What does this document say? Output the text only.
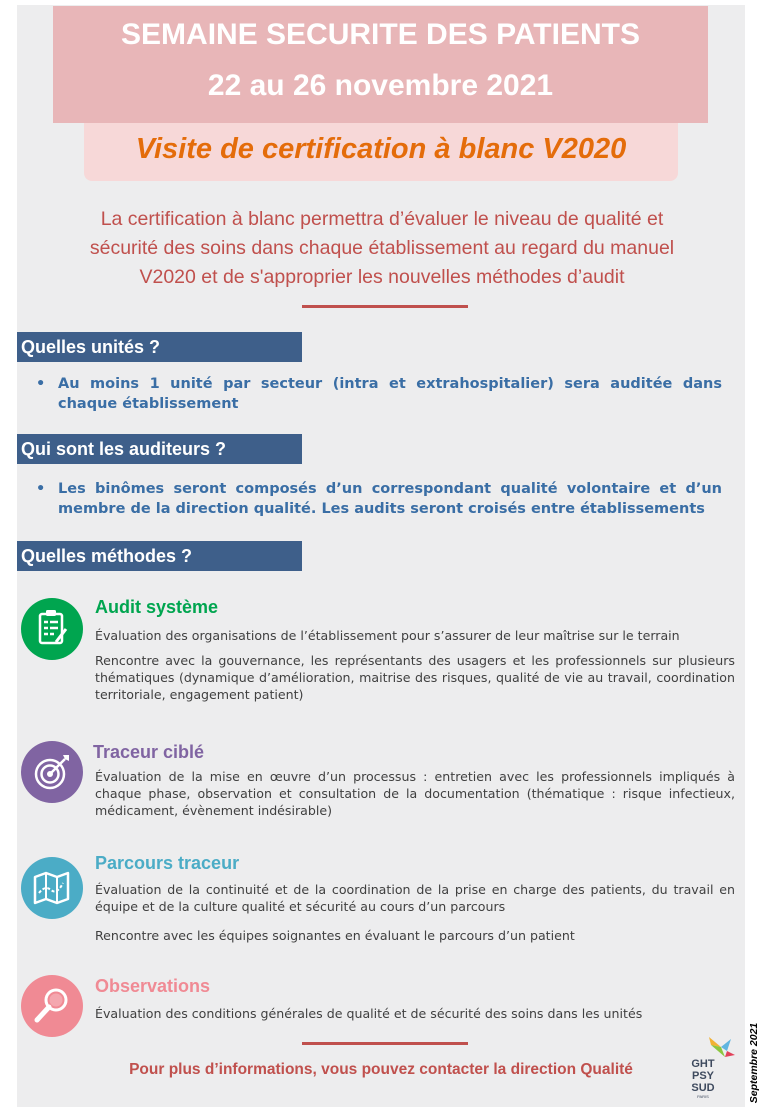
SEMAINE SECURITE DES PATIENTS
22 au 26 novembre 2021
Visite de certification à blanc V2020
La certification à blanc permettra d’évaluer le niveau de qualité et
sécurité des soins dans chaque établissement au regard du manuel
V2020 et de s'approprier les nouvelles méthodes d’audit
Quelles unités ?
• Au moins 1 unité par secteur (intra et extrahospitalier) sera auditée dans chaque établissement
Qui sont les auditeurs ?
• Les binômes seront composés d’un correspondant qualité volontaire et d’un membre de la direction qualité. Les audits seront croisés entre établissements
Quelles méthodes ?
Audit système
Évaluation des organisations de l’établissement pour s’assurer de leur maîtrise sur le terrain
Rencontre avec la gouvernance, les représentants des usagers et les professionnels sur plusieurs thématiques (dynamique d’amélioration, maitrise des risques, qualité de vie au travail, coordination territoriale, engagement patient)
Traceur ciblé
Évaluation de la mise en œuvre d’un processus : entretien avec les professionnels impliqués à chaque phase, observation et consultation de la documentation (thématique : risque infectieux, médicament, évènement indésirable)
Parcours traceur
Évaluation de la continuité et de la coordination de la prise en charge des patients, du travail en équipe et de la culture qualité et sécurité au cours d’un parcours
Rencontre avec les équipes soignantes en évaluant le parcours d’un patient
Observations
Évaluation des conditions générales de qualité et de sécurité des soins dans les unités
Pour plus d’informations, vous pouvez contacter la direction Qualité	GHT
PSY
SUD
PARIS	Septembre 2021
